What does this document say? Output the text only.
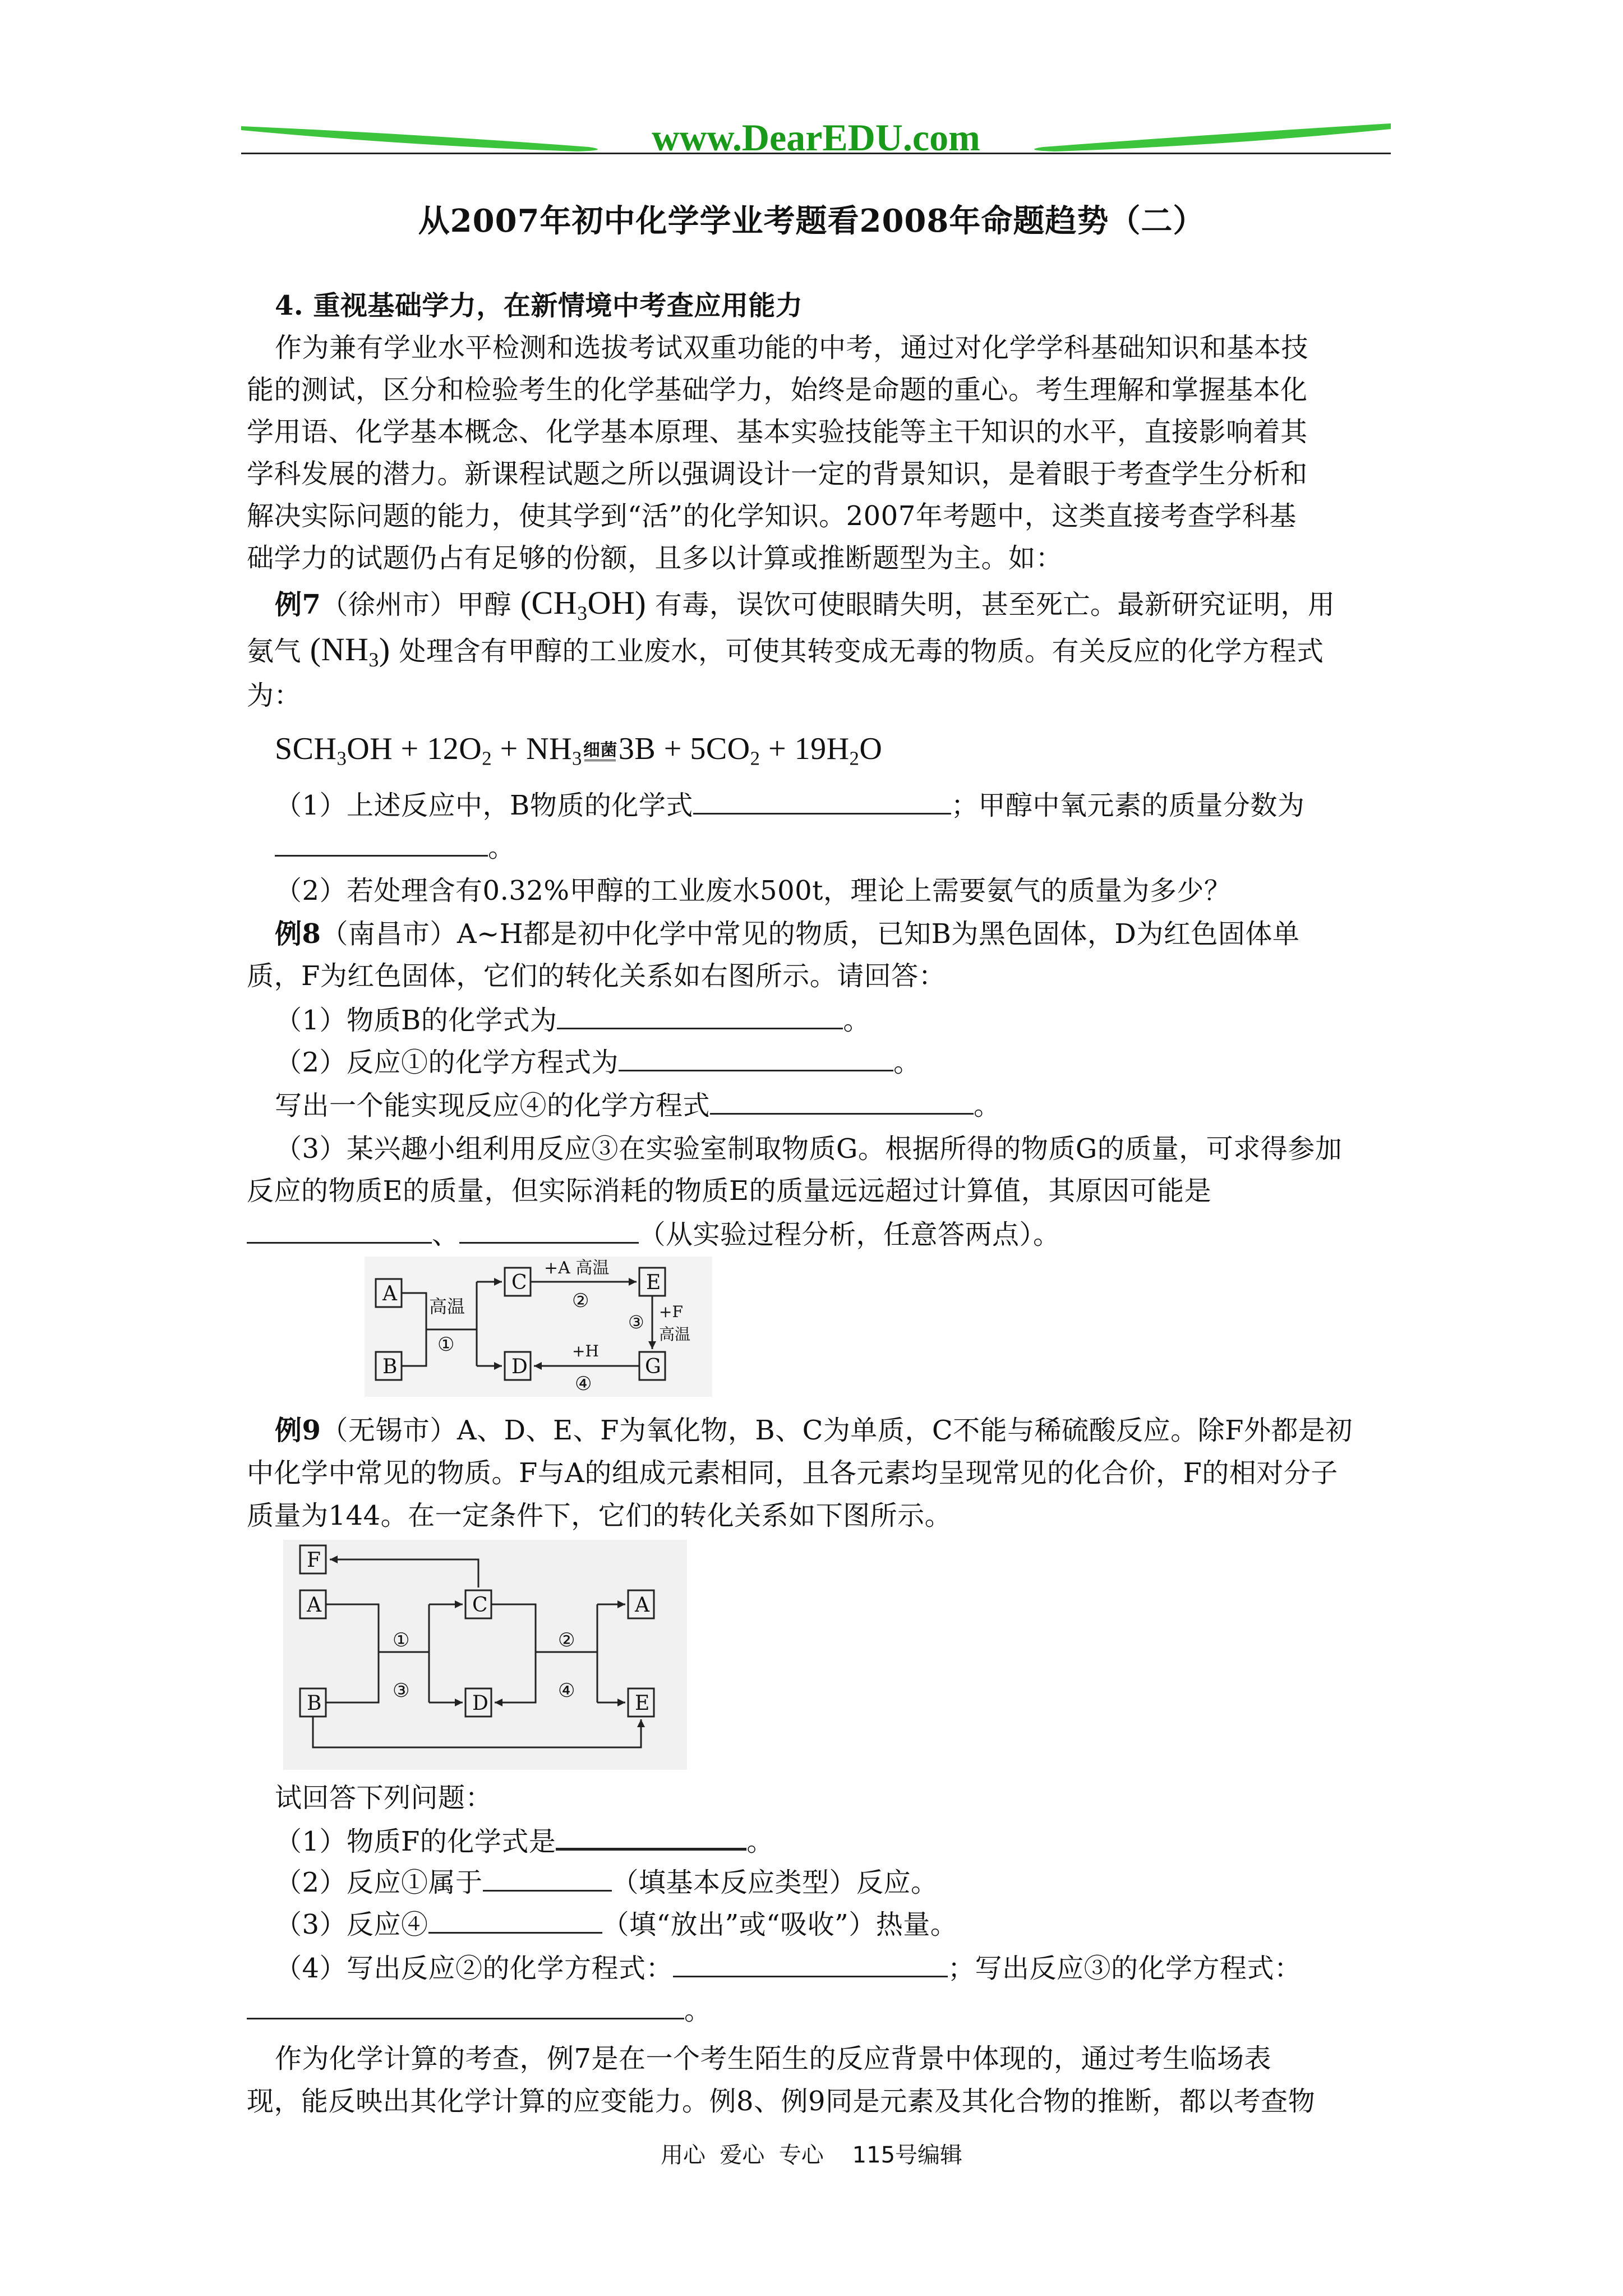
www.DearEDU.com
从2007年初中化学学业考题看2008年命题趋势（二）
4. 重视基础学力，在新情境中考查应用能力
作为兼有学业水平检测和选拔考试双重功能的中考，通过对化学学科基础知识和基本技
能的测试，区分和检验考生的化学基础学力，始终是命题的重心。考生理解和掌握基本化
学用语、化学基本概念、化学基本原理、基本实验技能等主干知识的水平，直接影响着其
学科发展的潜力。新课程试题之所以强调设计一定的背景知识，是着眼于考查学生分析和
解决实际问题的能力，使其学到“活”的化学知识。2007年考题中，这类直接考查学科基
础学力的试题仍占有足够的份额，且多以计算或推断题型为主。如：
例7（徐州市）甲醇 $(CH_3OH)$ 有毒，误饮可使眼睛失明，甚至死亡。最新研究证明，用
氨气 $(NH_3)$ 处理含有甲醇的工业废水，可使其转变成无毒的物质。有关反应的化学方程式
为：
$SCH_3OH + 12O_2 + NH_3$ 细菌 $3B + 5CO_2 + 19H_2O$
（1）上述反应中，B物质的化学式	；甲醇中氧元素的质量分数为
。
（2）若处理含有0.32%甲醇的工业废水500t，理论上需要氨气的质量为多少？
例8（南昌市）A~H都是初中化学中常见的物质，已知B为黑色固体，D为红色固体单
质，F为红色固体，它们的转化关系如右图所示。请回答：
（1）物质B的化学式为	。
（2）反应①的化学方程式为	。
写出一个能实现反应④的化学方程式	。
（3）某兴趣小组利用反应③在实验室制取物质G。根据所得的物质G的质量，可求得参加
反应的物质E的质量，但实际消耗的物质E的质量远远超过计算值，其原因可能是
、	（从实验过程分析，任意答两点）。
A
B
C
D
E
G
高温
①
+A 高温
②
③ +F
高温
+H
④
例9（无锡市）A、D、E、F为氧化物，B、C为单质，C不能与稀硫酸反应。除F外都是初
中化学中常见的物质。F与A的组成元素相同，且各元素均呈现常见的化合价，F的相对分子
质量为144。在一定条件下，它们的转化关系如下图所示。
F
A
B
C
D
A
E
①	②
③	④
试回答下列问题：
（1）物质F的化学式是	。
（2）反应①属于	（填基本反应类型）反应。
（3）反应④	（填“放出”或“吸收”）热量。
（4）写出反应②的化学方程式：	；写出反应③的化学方程式：
。
作为化学计算的考查，例7是在一个考生陌生的反应背景中体现的，通过考生临场表
现，能反映出其化学计算的应变能力。例8、例9同是元素及其化合物的推断，都以考查物
用心  爱心  专心    115号编辑
